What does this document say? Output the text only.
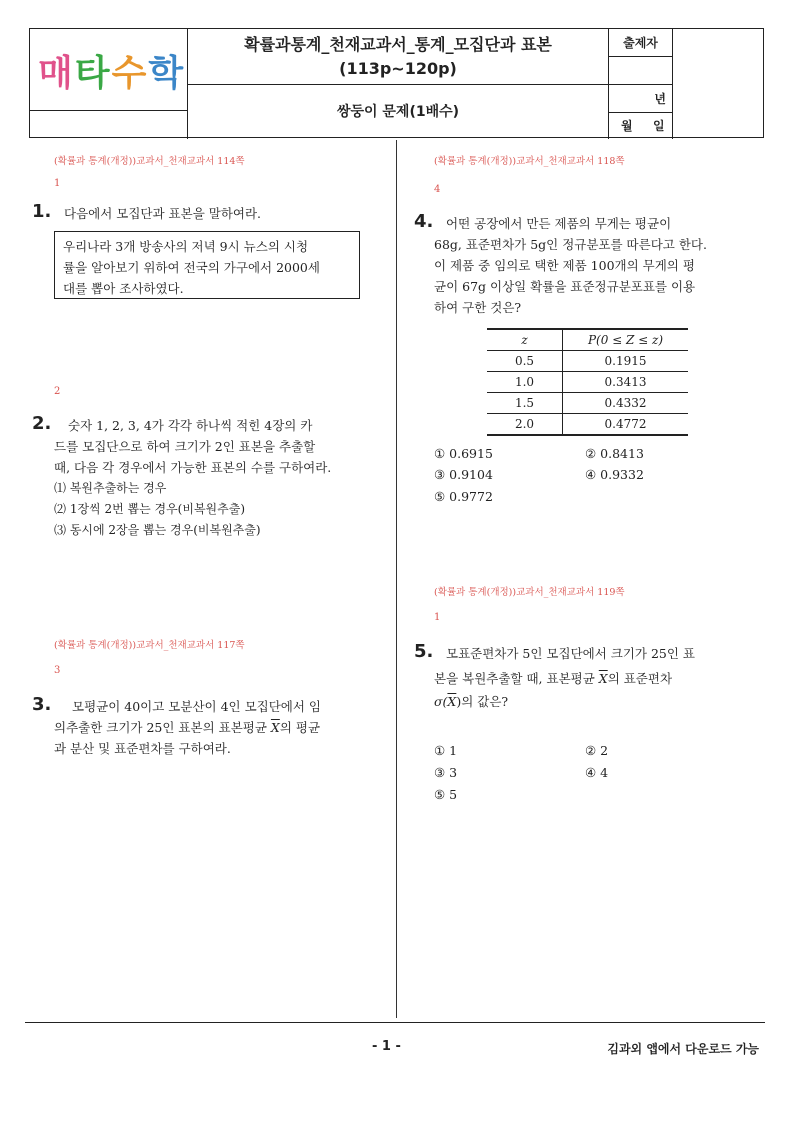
매타수학
확률과통계_천재교과서_통계_모집단과 표본
(113p~120p)
쌍둥이 문제(1배수)
출제자
년
월 일
(확률과 통계(개정))교과서_천재교과서 114쪽
1
1. 다음에서 모집단과 표본을 말하여라.

우리나라 3개 방송사의 저녁 9시 뉴스의 시청

률을 알아보기 위하여 전국의 가구에서 2000세

대를 뽑아 조사하였다.

2
2.	숫자 1, 2, 3, 4가 각각 하나씩 적힌 4장의 카

드를 모집단으로 하여 크기가 2인 표본을 추출할

때, 다음 각 경우에서 가능한 표본의 수를 구하여라.

⑴ 복원추출하는 경우

⑵ 1장씩 2번 뽑는 경우(비복원추출)

⑶ 동시에 2장을 뽑는 경우(비복원추출)

(확률과 통계(개정))교과서_천재교과서 117쪽
3
3.	모평균이 40이고 모분산이 4인 모집단에서 임

의추출한 크기가 25인 표본의 표본평균 $\overline{X}$의 평균

과 분산 및 표준편차를 구하여라.

(확률과 통계(개정))교과서_천재교과서 118쪽
4
4.	어떤 공장에서 만든 제품의 무게는 평균이

68g, 표준편차가 5g인 정규분포를 따른다고 한다.

이 제품 중 임의로 택한 제품 100개의 무게의 평

균이 67g 이상일 확률을 표준정규분포표를 이용

하여 구한 것은?

z	P(0 ≤ Z ≤ z)
0.5	0.1915
1.0	0.3413
1.5	0.4332
2.0	0.4772
① 0.6915	② 0.8413
③ 0.9104	④ 0.9332
⑤ 0.9772
(확률과 통계(개정))교과서_천재교과서 119쪽
1
5.	모표준편차가 5인 모집단에서 크기가 25인 표

본을 복원추출할 때, 표본평균 $\overline{X}$의 표준편차

$\sigma(\overline{X})$의 값은?

① 1	② 2
③ 3	④ 4
⑤ 5
- 1 -	김과외 앱에서 다운로드 가능
